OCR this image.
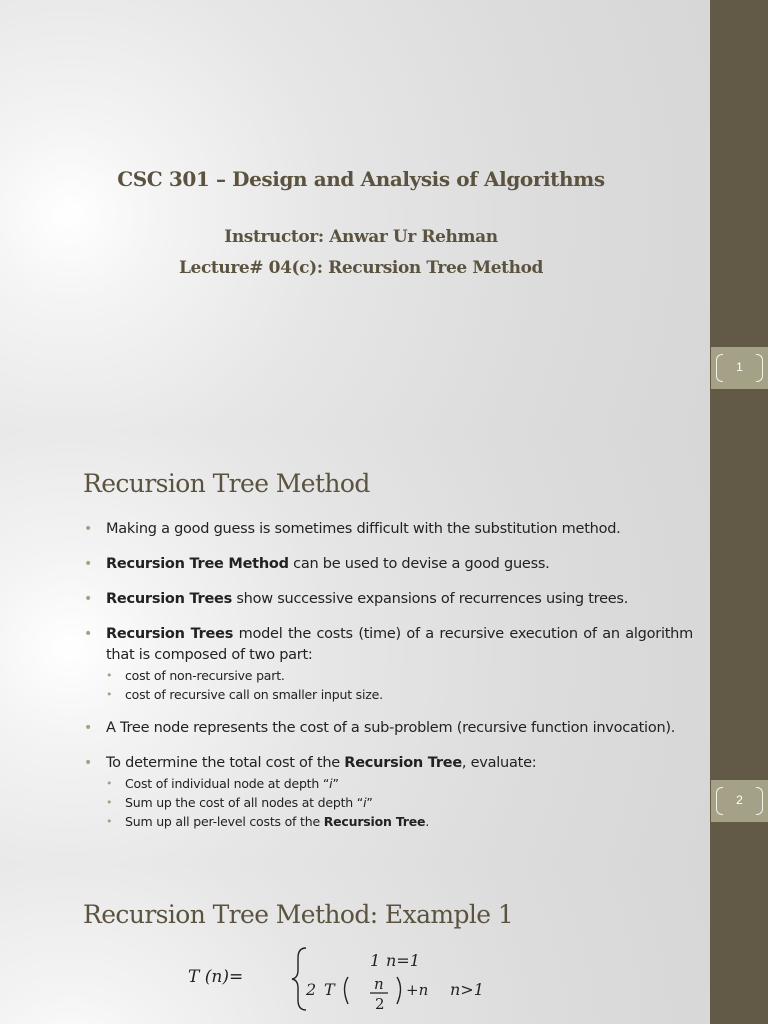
1
CSC 301 – Design and Analysis of Algorithms
Instructor: Anwar Ur Rehman
Lecture# 04(c): Recursion Tree Method
2
Recursion Tree Method
• Making a good guess is sometimes difficult with the substitution method.
• Recursion Tree Method can be used to devise a good guess.
• Recursion Trees show successive expansions of recurrences using trees.
• Recursion Trees model the costs (time) of a recursive execution of an algorithm that is composed of two part:
• cost of non-recursive part.
• cost of recursive call on smaller input size.
• A Tree node represents the cost of a sub-problem (recursive function invocation).
• To determine the total cost of the Recursion Tree, evaluate:
• Cost of individual node at depth “i”
• Sum up the cost of all nodes at depth “i”
• Sum up all per-level costs of the Recursion Tree.
Recursion Tree Method: Example 1
T (n)=
1 n=1
2 T	n
2
+n n>1
